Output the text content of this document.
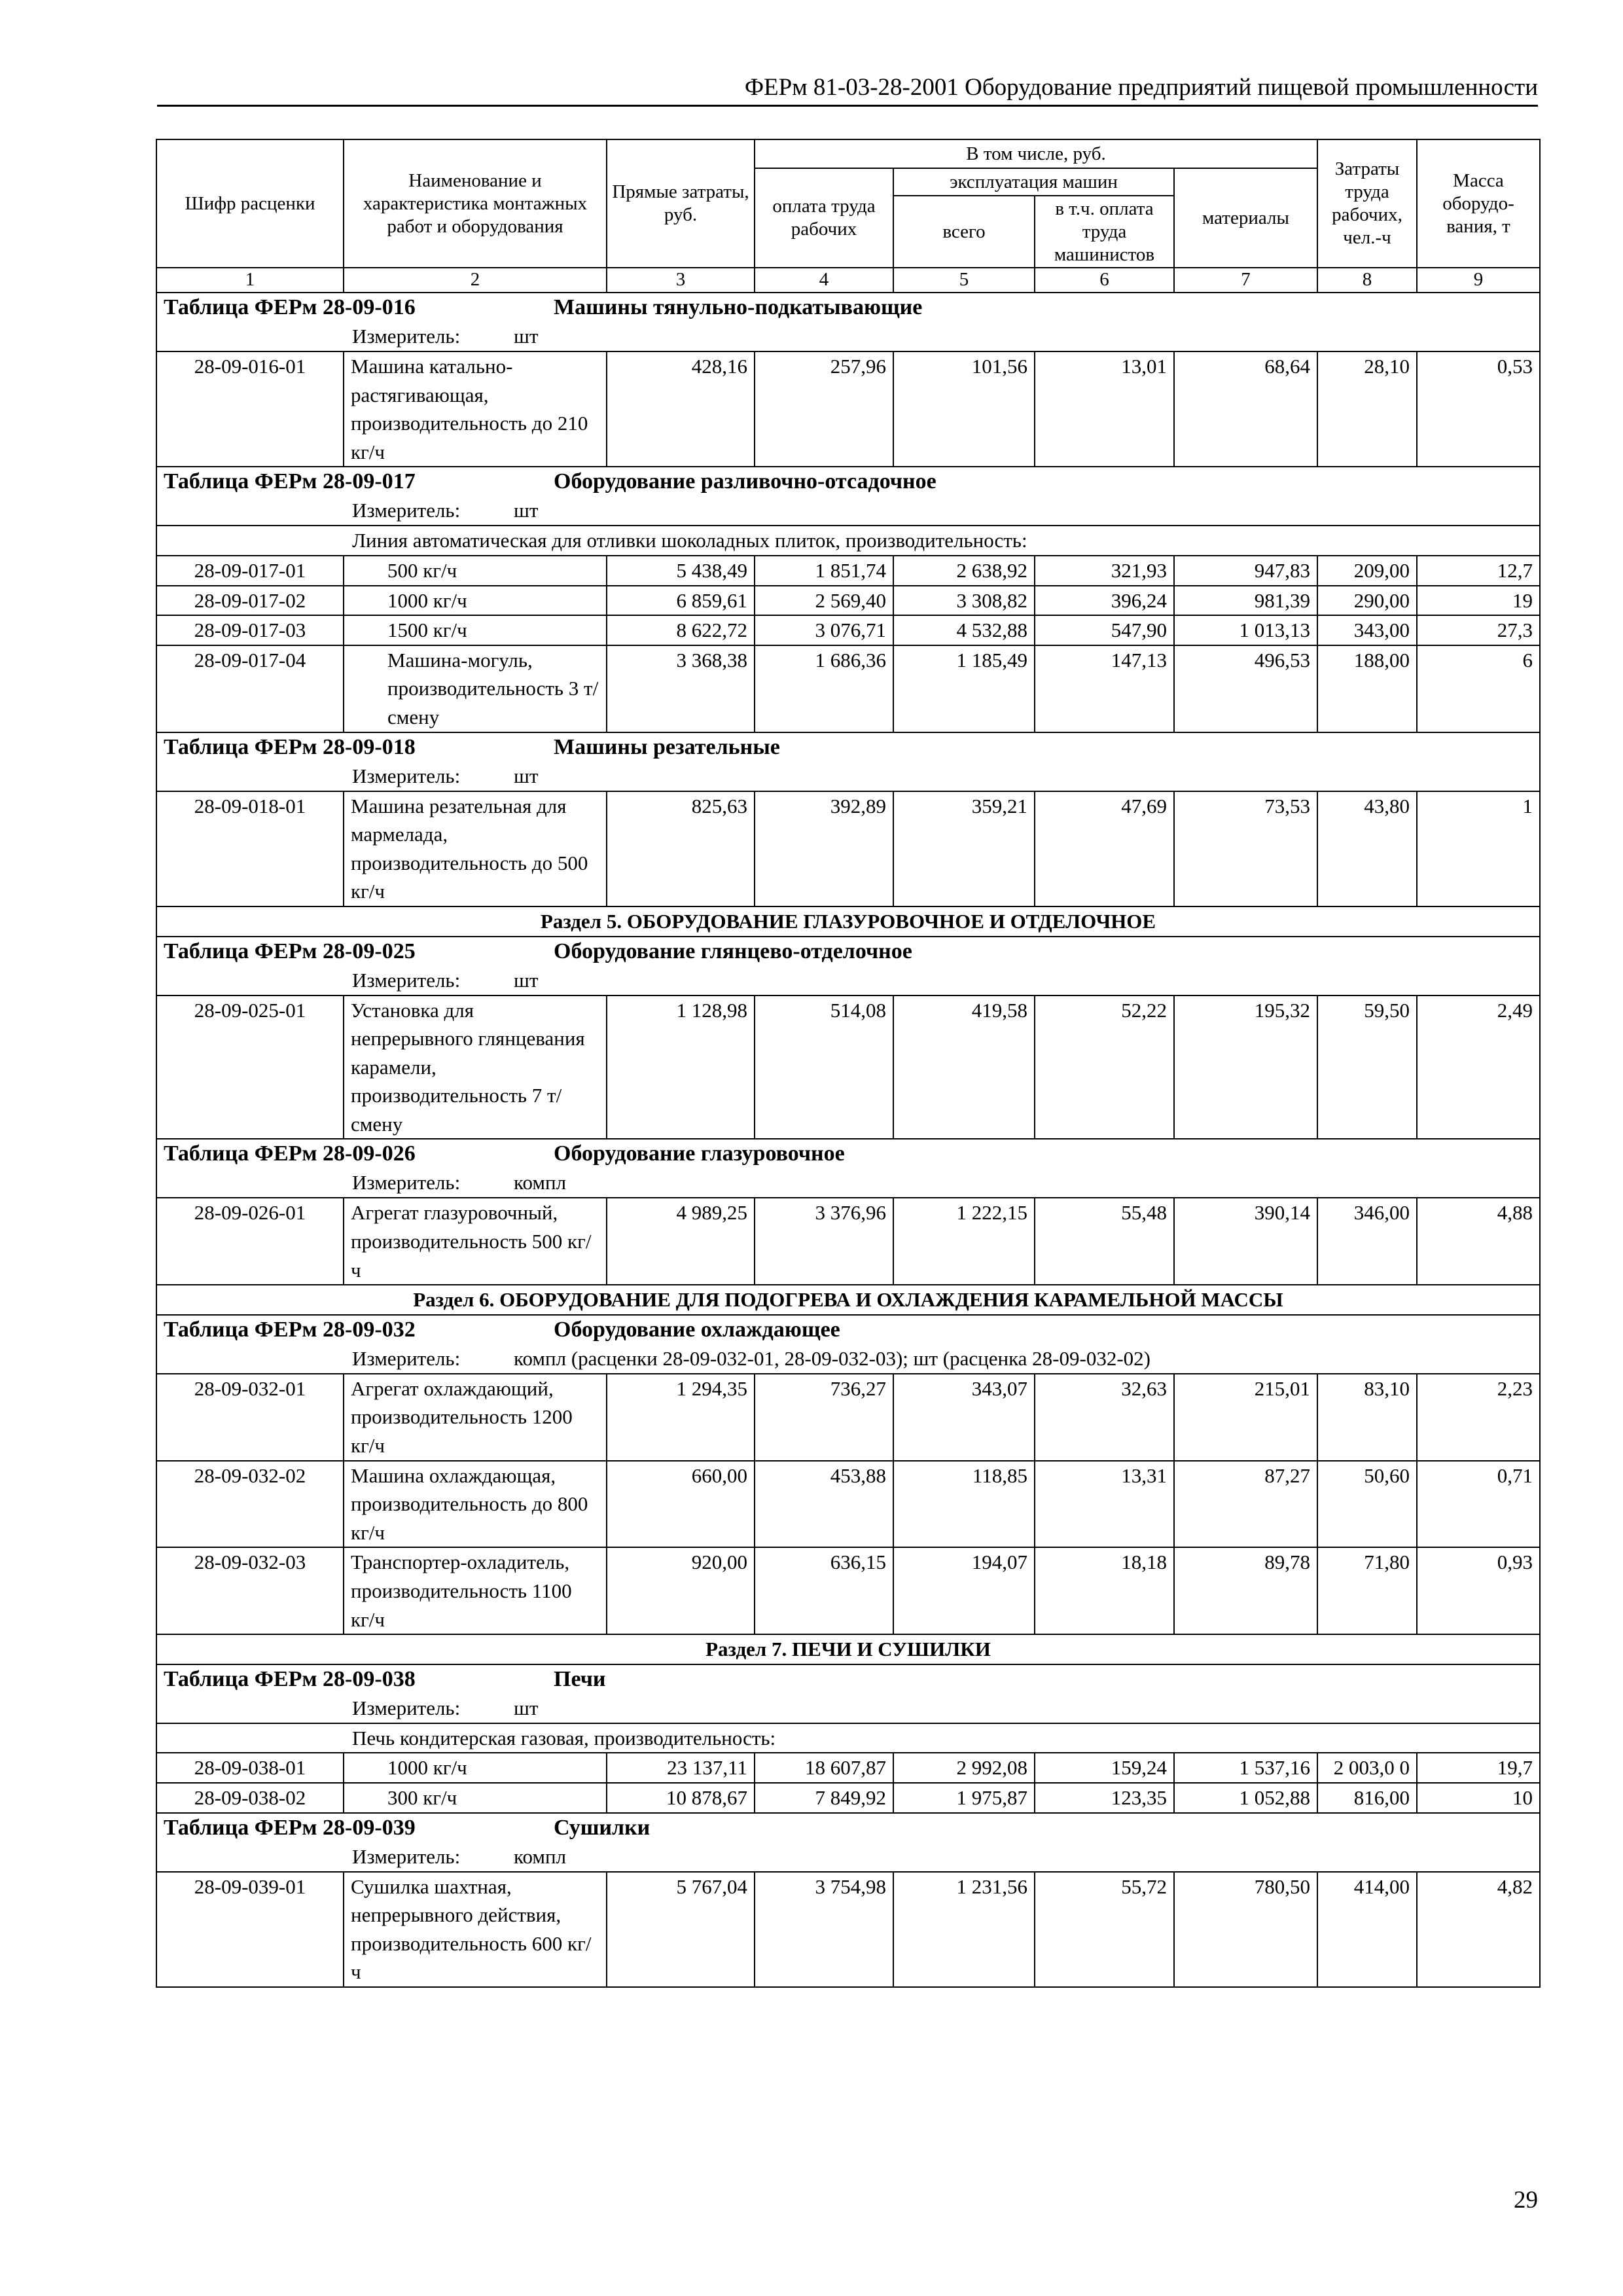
ФЕРм 81-03-28-2001 Оборудование предприятий пищевой промышленности
Шифр расценки	Наименование и характеристика монтажных работ и оборудования	Прямые затраты, руб.	В том числе, руб.				Затраты труда рабочих, чел.-ч	Масса оборудо-вания, т
			оплата труда рабочих	эксплуатация машин		материалы		
				всего	в т.ч. оплата труда машинистов			
1	2	3	4	5	6	7	8	9

Таблица ФЕРм 28-09-016 Машины тянульно-подкатывающие
Измеритель: шт								

28-09-016-01	Машина катально-растягивающая, производительность до 210 кг/ч	428,16	257,96	101,56	13,01	68,64	28,10	0,53

Таблица ФЕРм 28-09-017 Оборудование разливочно-отсадочное
Измеритель: шт								

Линия автоматическая для отливки шоколадных плиток, производительность:								
28-09-017-01	500 кг/ч	5 438,49	1 851,74	2 638,92	321,93	947,83	209,00	12,7
28-09-017-02	1000 кг/ч	6 859,61	2 569,40	3 308,82	396,24	981,39	290,00	19
28-09-017-03	1500 кг/ч	8 622,72	3 076,71	4 532,88	547,90	1 013,13	343,00	27,3
28-09-017-04	Машина-могуль, производительность 3 т/смену	3 368,38	1 686,36	1 185,49	147,13	496,53	188,00	6

Таблица ФЕРм 28-09-018 Машины резательные
Измеритель: шт								

28-09-018-01	Машина резательная для мармелада, производительность до 500 кг/ч	825,63	392,89	359,21	47,69	73,53	43,80	1
Раздел 5. ОБОРУДОВАНИЕ ГЛАЗУРОВОЧНОЕ И ОТДЕЛОЧНОЕ								

Таблица ФЕРм 28-09-025 Оборудование глянцево-отделочное
Измеритель: шт								

28-09-025-01	Установка для непрерывного глянцевания карамели, производительность 7 т/смену	1 128,98	514,08	419,58	52,22	195,32	59,50	2,49

Таблица ФЕРм 28-09-026 Оборудование глазуровочное
Измеритель: компл								

28-09-026-01	Агрегат глазуровочный, производительность 500 кг/ч	4 989,25	3 376,96	1 222,15	55,48	390,14	346,00	4,88
Раздел 6. ОБОРУДОВАНИЕ ДЛЯ ПОДОГРЕВА И ОХЛАЖДЕНИЯ КАРАМЕЛЬНОЙ МАССЫ								

Таблица ФЕРм 28-09-032 Оборудование охлаждающее
Измеритель: компл (расценки 28-09-032-01, 28-09-032-03); шт (расценка 28-09-032-02)								

28-09-032-01	Агрегат охлаждающий, производительность 1200 кг/ч	1 294,35	736,27	343,07	32,63	215,01	83,10	2,23
28-09-032-02	Машина охлаждающая, производительность до 800 кг/ч	660,00	453,88	118,85	13,31	87,27	50,60	0,71
28-09-032-03	Транспортер-охладитель, производительность 1100 кг/ч	920,00	636,15	194,07	18,18	89,78	71,80	0,93
Раздел 7. ПЕЧИ И СУШИЛКИ								

Таблица ФЕРм 28-09-038 Печи
Измеритель: шт								

Печь кондитерская газовая, производительность:								
28-09-038-01	1000 кг/ч	23 137,11	18 607,87	2 992,08	159,24	1 537,16	2 003,0 0	19,7
28-09-038-02	300 кг/ч	10 878,67	7 849,92	1 975,87	123,35	1 052,88	816,00	10

Таблица ФЕРм 28-09-039 Сушилки
Измеритель: компл								

28-09-039-01	Сушилка шахтная, непрерывного действия, производительность 600 кг/ч	5 767,04	3 754,98	1 231,56	55,72	780,50	414,00	4,82
29
